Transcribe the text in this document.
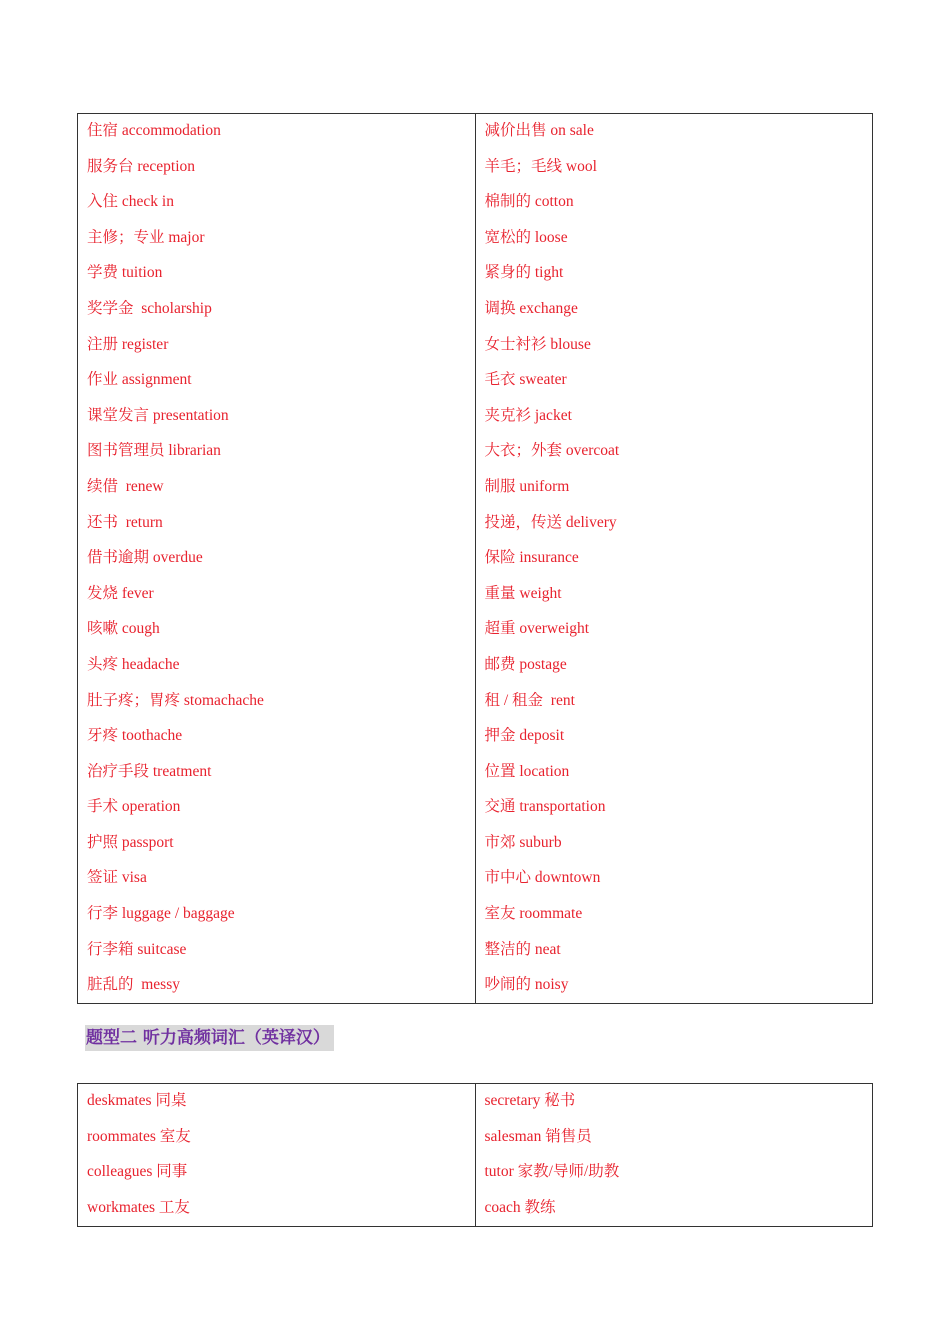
住宿 accommodation
服务台 reception
入住 check in
主修；专业 major
学费 tuition
奖学金  scholarship
注册 register
作业 assignment
课堂发言 presentation
图书管理员 librarian
续借  renew
还书  return
借书逾期 overdue
发烧 fever
咳嗽 cough
头疼 headache
肚子疼；胃疼 stomachache
牙疼 toothache
治疗手段 treatment
手术 operation
护照 passport
签证 visa
行李 luggage / baggage
行李箱 suitcase
脏乱的  messy
减价出售 on sale
羊毛；毛线 wool
棉制的 cotton
宽松的 loose
紧身的 tight
调换 exchange
女士衬衫 blouse
毛衣 sweater
夹克衫 jacket
大衣；外套 overcoat
制服 uniform
投递，传送 delivery
保险 insurance
重量 weight
超重 overweight
邮费 postage
租 / 租金  rent
押金 deposit
位置 location
交通 transportation
市郊 suburb
市中心 downtown
室友 roommate
整洁的 neat
吵闹的 noisy
题型二 听力高频词汇（英译汉）
deskmates 同桌
roommates 室友
colleagues 同事
workmates 工友
secretary 秘书
salesman 销售员
tutor 家教/导师/助教
coach 教练
